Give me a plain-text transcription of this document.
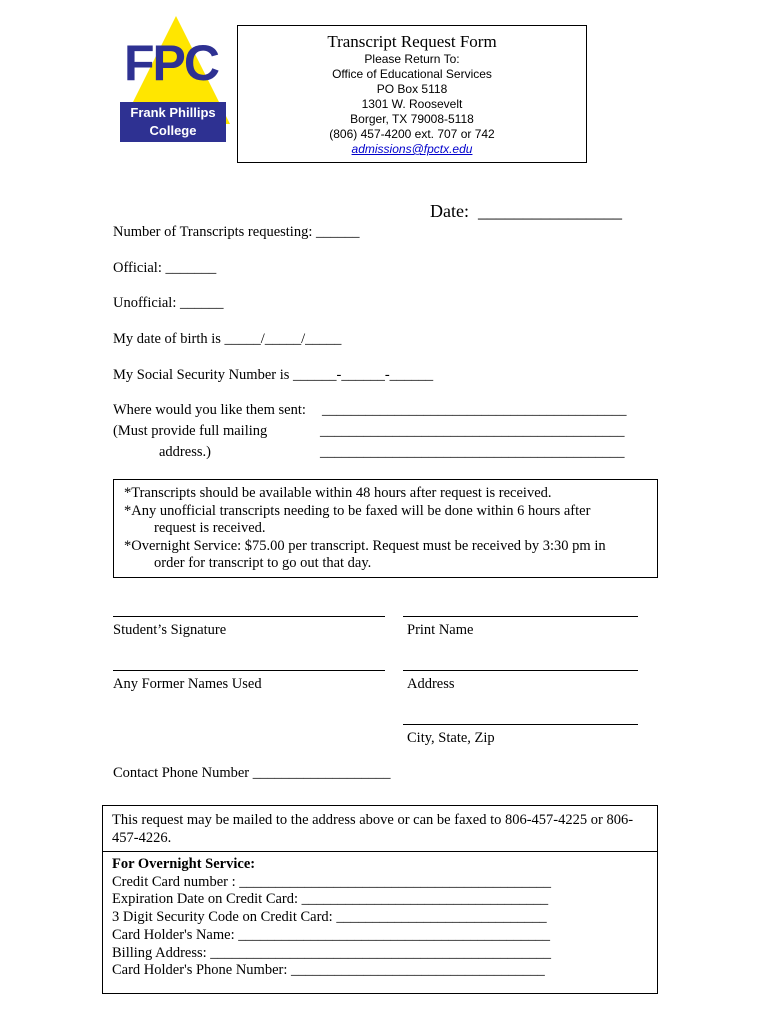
FPC
Frank Phillips
College
Transcript Request Form
Please Return To:
Office of Educational Services
PO Box 5118
1301 W. Roosevelt
Borger, TX 79008-5118
(806) 457-4200 ext. 707 or 742
admissions@fpctx.edu
Date: ________________
Number of Transcripts requesting: ______
Official: _______
Unofficial: ______
My date of birth is _____/_____/_____
My Social Security Number is ______-______-______
Where would you like them sent:
(Must provide full mailing
address.)
__________________________________________
__________________________________________
__________________________________________

*Transcripts should be available within 48 hours after request is received.

*Any unofficial transcripts needing to be faxed will be done within 6 hours after

request is received.

*Overnight Service: $75.00 per transcript. Request must be received by 3:30 pm in

order for transcript to go out that day.

Student’s Signature	Print Name
Any Former Names Used	Address
City, State, Zip
Contact Phone Number ___________________
This request may be mailed to the address above or can be faxed to 806-457-4225 or 806-457-4226.
For Overnight Service:
Credit Card number : ___________________________________________
Expiration Date on Credit Card: __________________________________
3 Digit Security Code on Credit Card: _____________________________
Card Holder's Name: ___________________________________________
Billing Address: _______________________________________________
Card Holder's Phone Number: ___________________________________
